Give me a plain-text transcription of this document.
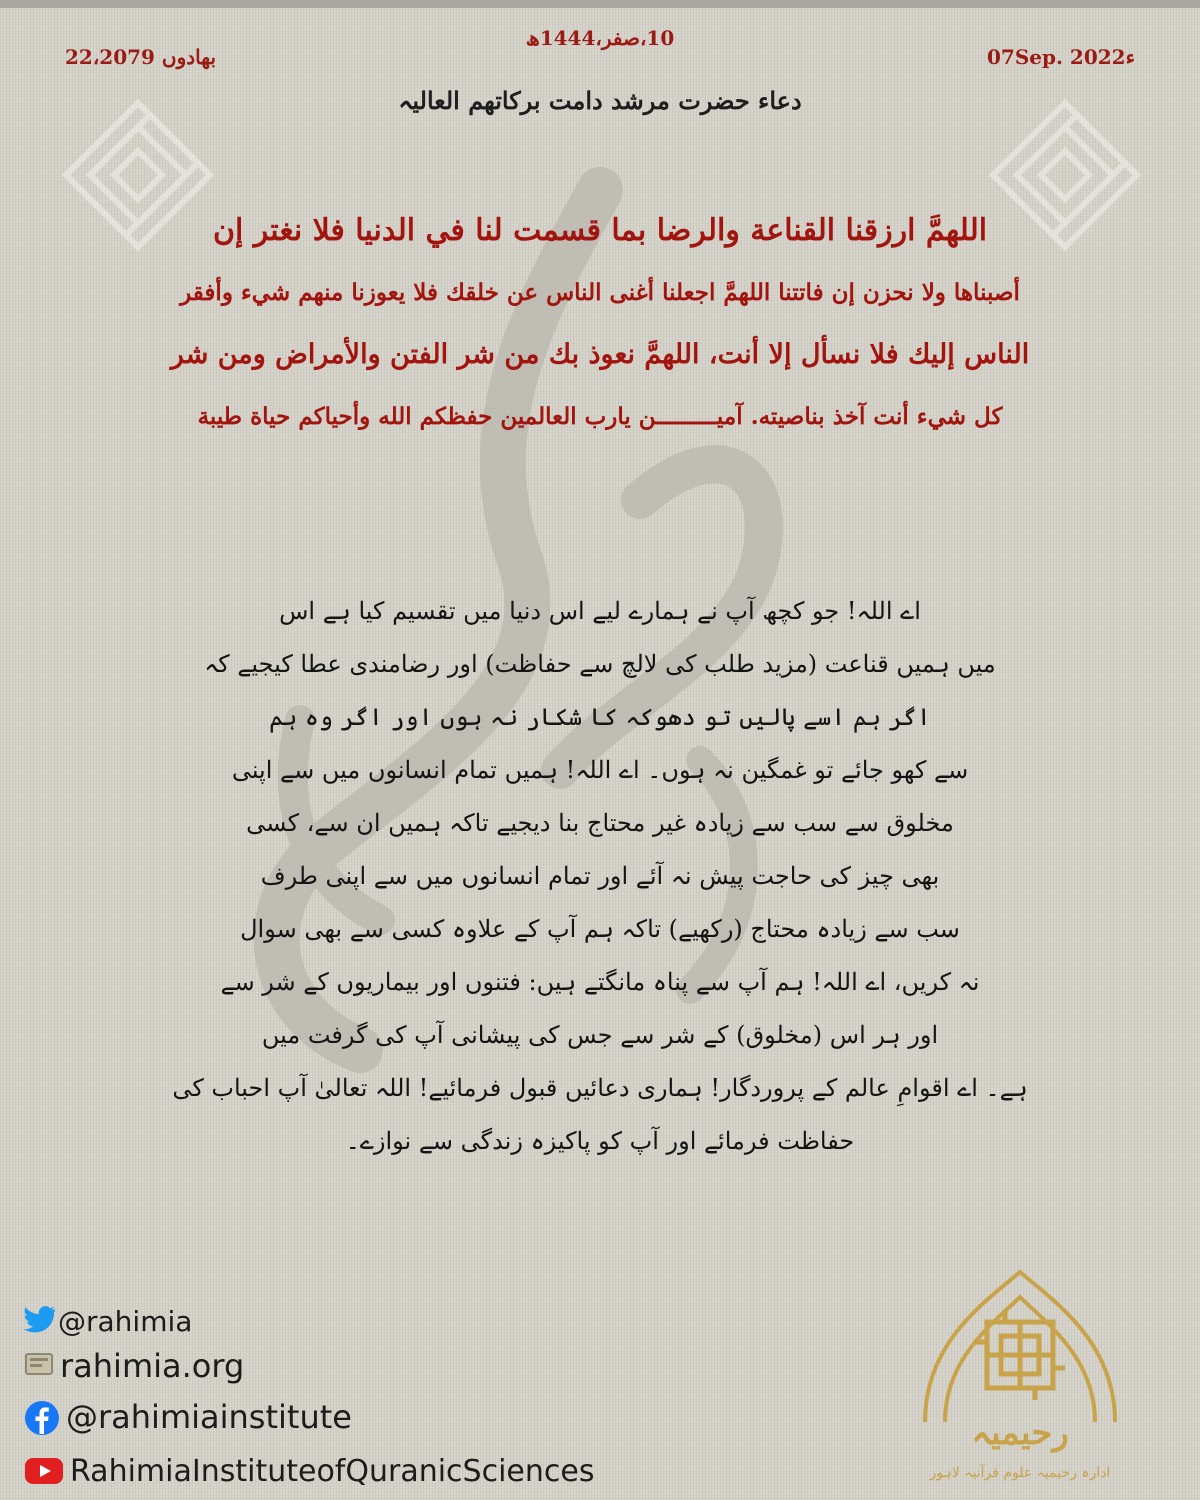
22،بھادوں 2079
10،صفر،1444ھ
07Sep. 2022ء
دعاء حضرت مرشد دامت برکاتھم العالیہ
اللهمَّ ارزقنا القناعة والرضا بما قسمت لنا في الدنيا فلا نغتر إن
أصبناها ولا نحزن إن فاتتنا اللهمَّ اجعلنا أغنى الناس عن خلقك فلا يعوزنا منهم شيء وأفقر
الناس إليك فلا نسأل إلا أنت، اللهمَّ نعوذ بك من شر الفتن والأمراض ومن شر
كل شيء أنت آخذ بناصيته. آميـــــــــن يارب العالمين حفظكم الله وأحياكم حياة طيبة
اے اللہ! جو کچھ آپ نے ہمارے لیے اس دنیا میں تقسیم کیا ہے اس
میں ہمیں قناعت (مزید طلب کی لالچ سے حفاظت) اور رضامندی عطا کیجیے کہ
اگر ہم اسے پالیں تو دھوکہ کا شکار نہ ہوں اور اگر وہ ہم
سے کھو جائے تو غمگین نہ ہوں۔ اے اللہ! ہمیں تمام انسانوں میں سے اپنی
مخلوق سے سب سے زیادہ غیر محتاج بنا دیجیے تاکہ ہمیں ان سے، کسی
بھی چیز کی حاجت پیش نہ آئے اور تمام انسانوں میں سے اپنی طرف
سب سے زیادہ محتاج (رکھیے) تاکہ ہم آپ کے علاوہ کسی سے بھی سوال
نہ کریں، اے اللہ! ہم آپ سے پناہ مانگتے ہیں: فتنوں اور بیماریوں کے شر سے
اور ہر اس (مخلوق) کے شر سے جس کی پیشانی آپ کی گرفت میں
ہے۔ اے اقوامِ عالم کے پروردگار! ہماری دعائیں قبول فرمائیے! اللہ تعالیٰ آپ احباب کی
حفاظت فرمائے اور آپ کو پاکیزہ زندگی سے نوازے۔
@rahimia
rahimia.org
@rahimiainstitute
RahimiaInstituteofQuranicSciences
رحیمیہ
ادارہ رحیمیہ علوم قرآنیہ لاہور
